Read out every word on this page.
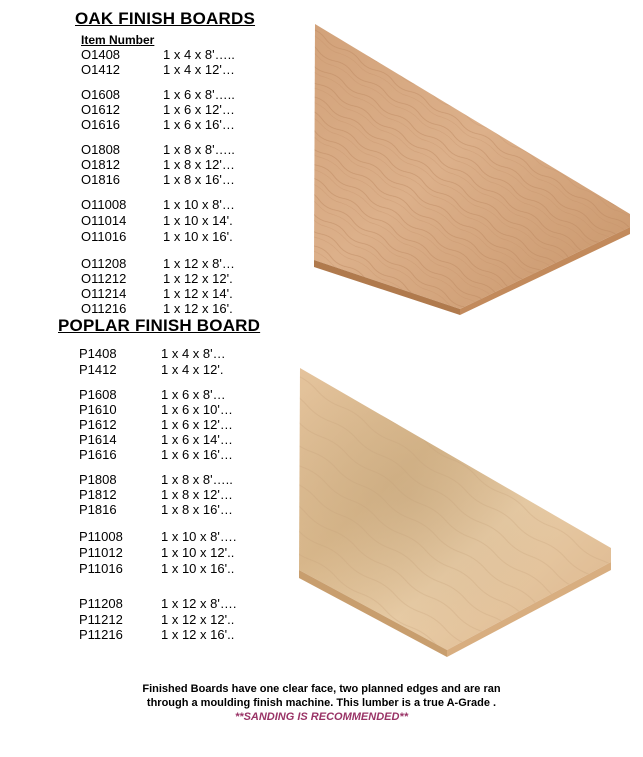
OAK FINISH BOARDS
Item Number
O1408	1 x 4 x 8'…..
O1412	1 x 4 x 12'…
O1608	1 x 6 x 8'…..
O1612	1 x 6 x 12'…
O1616	1 x 6 x 16'…
O1808	1 x 8 x 8'…..
O1812	1 x 8 x 12'…
O1816	1 x 8 x 16'…
O11008	1 x 10 x 8'…
O11014	1 x 10 x 14'.
O11016	1 x 10 x 16'.
O11208	1 x 12 x 8'…
O11212	1 x 12 x 12'.
O11214	1 x 12 x 14'.
O11216	1 x 12 x 16'.
POPLAR FINISH BOARD
P1408	1 x 4 x 8'…
P1412	1 x 4 x 12'.
P1608	1 x 6 x 8'…
P1610	1 x 6 x 10'…
P1612	1 x 6 x 12'…
P1614	1 x 6 x 14'…
P1616	1 x 6 x 16'…
P1808	1 x 8 x 8'…..
P1812	1 x 8 x 12'…
P1816	1 x 8 x 16'…
P11008	1 x 10 x 8'….
P11012	1 x 10 x 12'..
P11016	1 x 10 x 16'..
P11208	1 x 12 x 8'….
P11212	1 x 12 x 12'..
P11216	1 x 12 x 16'..
Finished Boards have one clear face, two planned edges and are ran
through a moulding finish machine. This lumber is a true A-Grade .
**SANDING IS RECOMMENDED**
